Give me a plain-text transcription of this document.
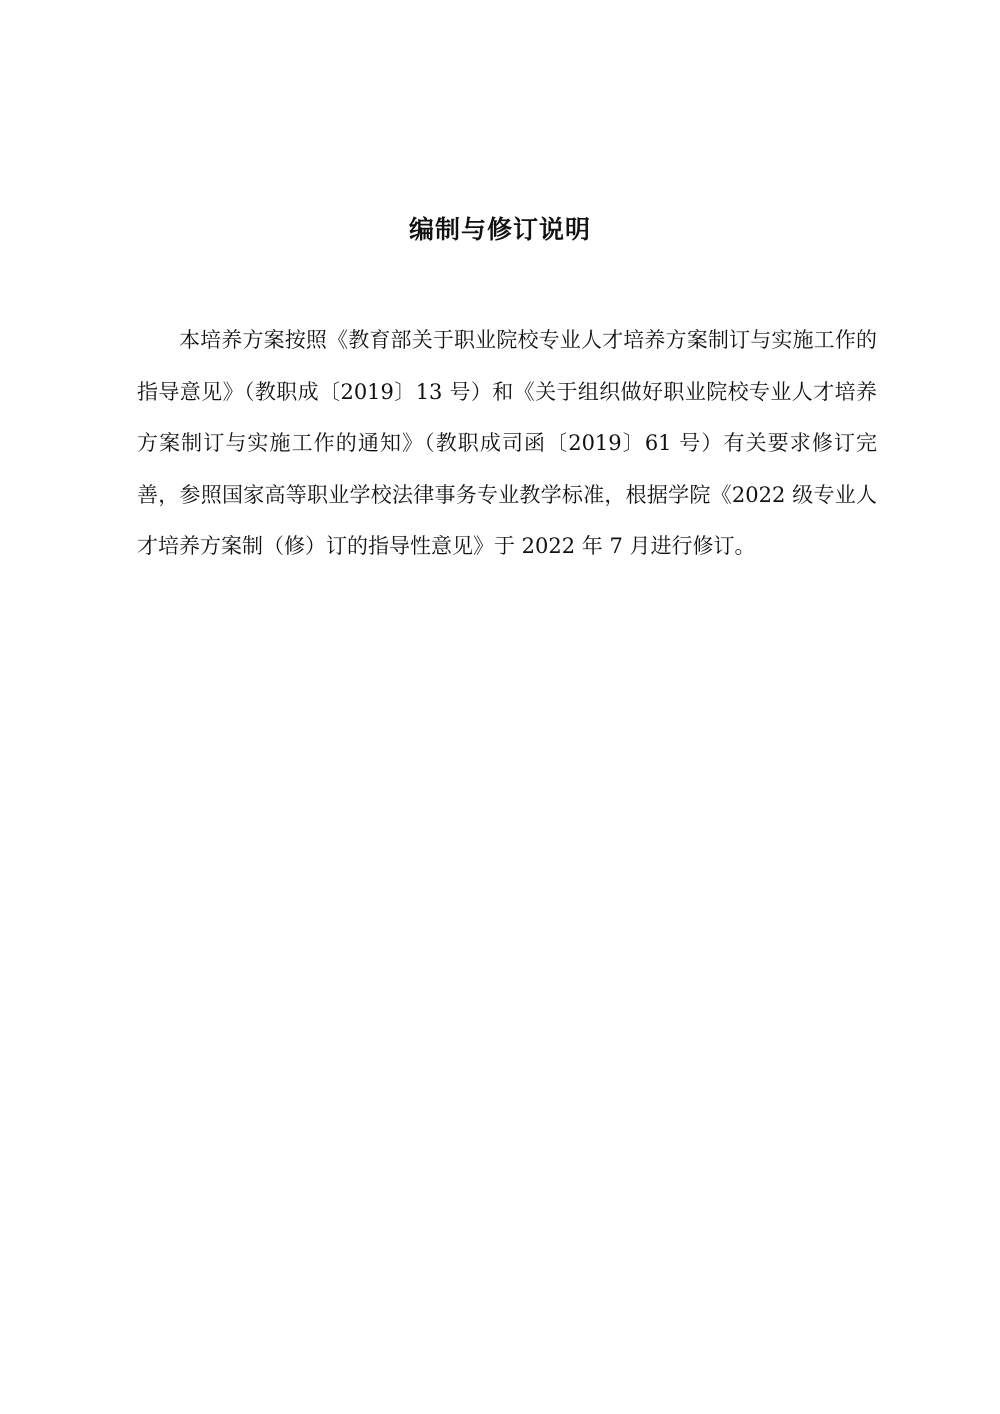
编制与修订说明

本培养方案按照《教育部关于职业院校专业人才培养方案制订与实施工作的指导意见》（教职成〔2019〕13 号）和《关于组织做好职业院校专业人才培养方案制订与实施工作的通知》（教职成司函〔2019〕61 号）有关要求修订完善，参照国家高等职业学校法律事务专业教学标准，根据学院《2022 级专业人才培养方案制（修）订的指导性意见》于 2022 年 7 月进行修订。
